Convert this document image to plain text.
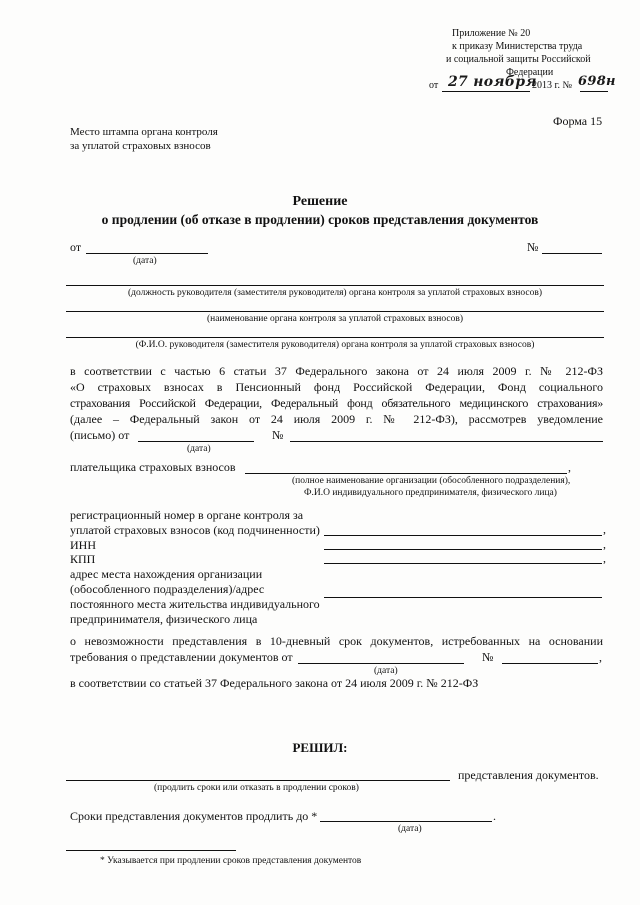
Приложение № 20
к приказу Министерства труда
и социальной защиты Российской
Федерации
от 27 ноября
2013 г. № 698н
Форма 15
Место штампа органа контроля
за уплатой страховых взносов
Решение
о продлении (об отказе в продлении) сроков представления документов
от
(дата)
№
(должность руководителя (заместителя руководителя) органа контроля за уплатой страховых взносов)
(наименование органа контроля за уплатой страховых взносов)
(Ф.И.О. руководителя (заместителя руководителя) органа контроля за уплатой страховых взносов)
в соответствии с частью 6 статьи 37 Федерального закона от 24 июля 2009 г. № 212-ФЗ
«О страховых взносах в Пенсионный фонд Российской Федерации, Фонд социального
страхования Российской Федерации, Федеральный фонд обязательного медицинского страхования»
(далее – Федеральный закон от 24 июля 2009 г. № 212-ФЗ), рассмотрев уведомление
(письмо) от
(дата)
№
плательщика страховых взносов	,
(полное наименование организации (обособленного подразделения),
Ф.И.О индивидуального предпринимателя, физического лица)
регистрационный номер в органе контроля за
уплатой страховых взносов (код подчиненности)	,
ИНН	,
КПП	,
адрес места нахождения организации
(обособленного подразделения)/адрес
постоянного места жительства индивидуального
предпринимателя, физического лица
о невозможности представления в 10-дневный срок документов, истребованных на основании
требования о представлении документов от
(дата)
№	,
в соответствии со статьей 37 Федерального закона от 24 июля 2009 г. № 212-ФЗ
РЕШИЛ:
представления документов.
(продлить сроки или отказать в продлении сроков)
Сроки представления документов продлить до *	.
(дата)
* Указывается при продлении сроков представления документов
